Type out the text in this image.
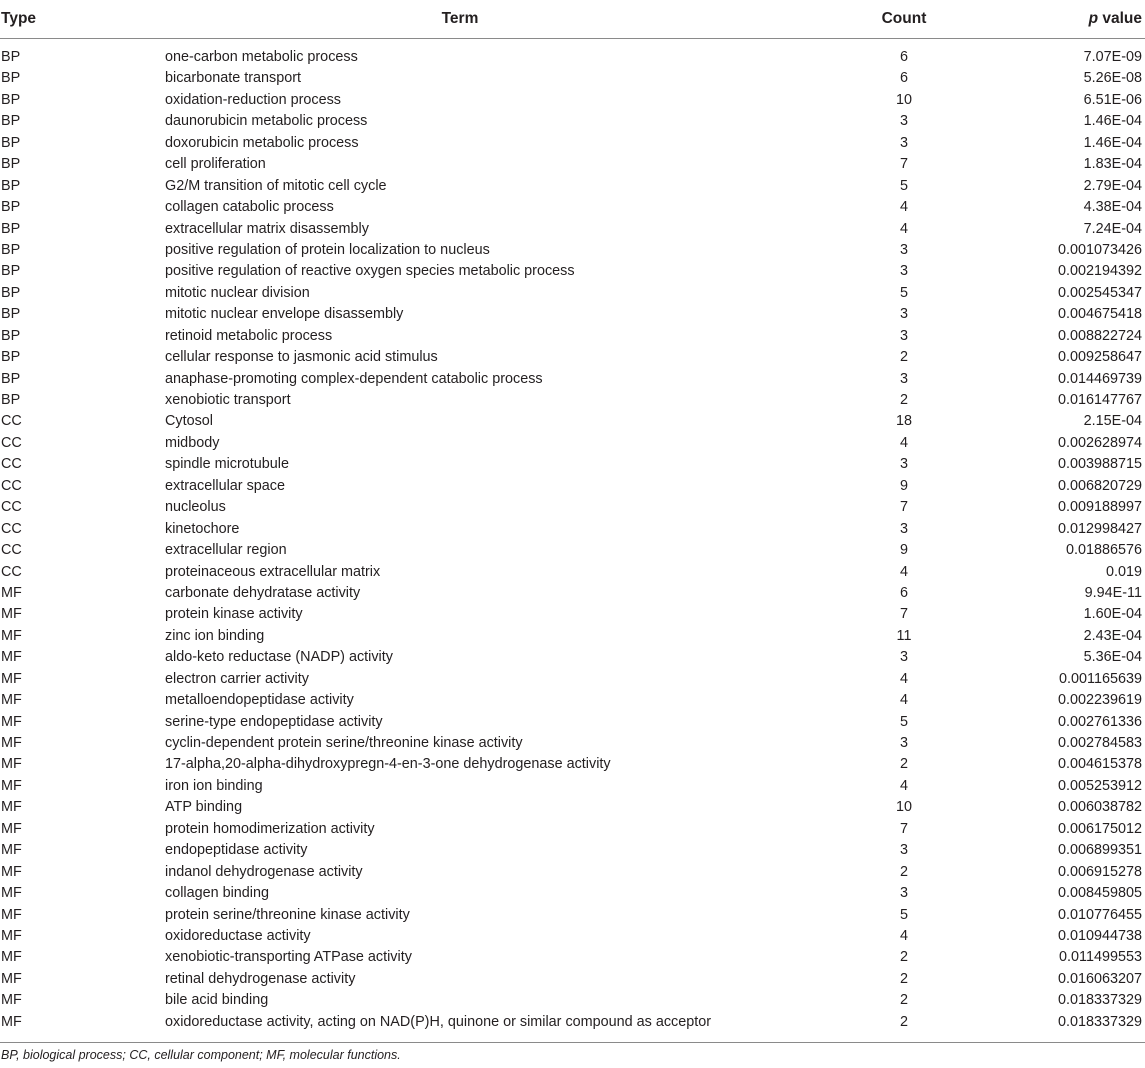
Type	Term	Count	p value
BP	one-carbon metabolic process	6	7.07E-09
BP	bicarbonate transport	6	5.26E-08
BP	oxidation-reduction process	10	6.51E-06
BP	daunorubicin metabolic process	3	1.46E-04
BP	doxorubicin metabolic process	3	1.46E-04
BP	cell proliferation	7	1.83E-04
BP	G2/M transition of mitotic cell cycle	5	2.79E-04
BP	collagen catabolic process	4	4.38E-04
BP	extracellular matrix disassembly	4	7.24E-04
BP	positive regulation of protein localization to nucleus	3	0.001073426
BP	positive regulation of reactive oxygen species metabolic process	3	0.002194392
BP	mitotic nuclear division	5	0.002545347
BP	mitotic nuclear envelope disassembly	3	0.004675418
BP	retinoid metabolic process	3	0.008822724
BP	cellular response to jasmonic acid stimulus	2	0.009258647
BP	anaphase-promoting complex-dependent catabolic process	3	0.014469739
BP	xenobiotic transport	2	0.016147767
CC	Cytosol	18	2.15E-04
CC	midbody	4	0.002628974
CC	spindle microtubule	3	0.003988715
CC	extracellular space	9	0.006820729
CC	nucleolus	7	0.009188997
CC	kinetochore	3	0.012998427
CC	extracellular region	9	0.01886576
CC	proteinaceous extracellular matrix	4	0.019
MF	carbonate dehydratase activity	6	9.94E-11
MF	protein kinase activity	7	1.60E-04
MF	zinc ion binding	11	2.43E-04
MF	aldo-keto reductase (NADP) activity	3	5.36E-04
MF	electron carrier activity	4	0.001165639
MF	metalloendopeptidase activity	4	0.002239619
MF	serine-type endopeptidase activity	5	0.002761336
MF	cyclin-dependent protein serine/threonine kinase activity	3	0.002784583
MF	17-alpha,20-alpha-dihydroxypregn-4-en-3-one dehydrogenase activity	2	0.004615378
MF	iron ion binding	4	0.005253912
MF	ATP binding	10	0.006038782
MF	protein homodimerization activity	7	0.006175012
MF	endopeptidase activity	3	0.006899351
MF	indanol dehydrogenase activity	2	0.006915278
MF	collagen binding	3	0.008459805
MF	protein serine/threonine kinase activity	5	0.010776455
MF	oxidoreductase activity	4	0.010944738
MF	xenobiotic-transporting ATPase activity	2	0.011499553
MF	retinal dehydrogenase activity	2	0.016063207
MF	bile acid binding	2	0.018337329
MF	oxidoreductase activity, acting on NAD(P)H, quinone or similar compound as acceptor	2	0.018337329
BP, biological process; CC, cellular component; MF, molecular functions.
